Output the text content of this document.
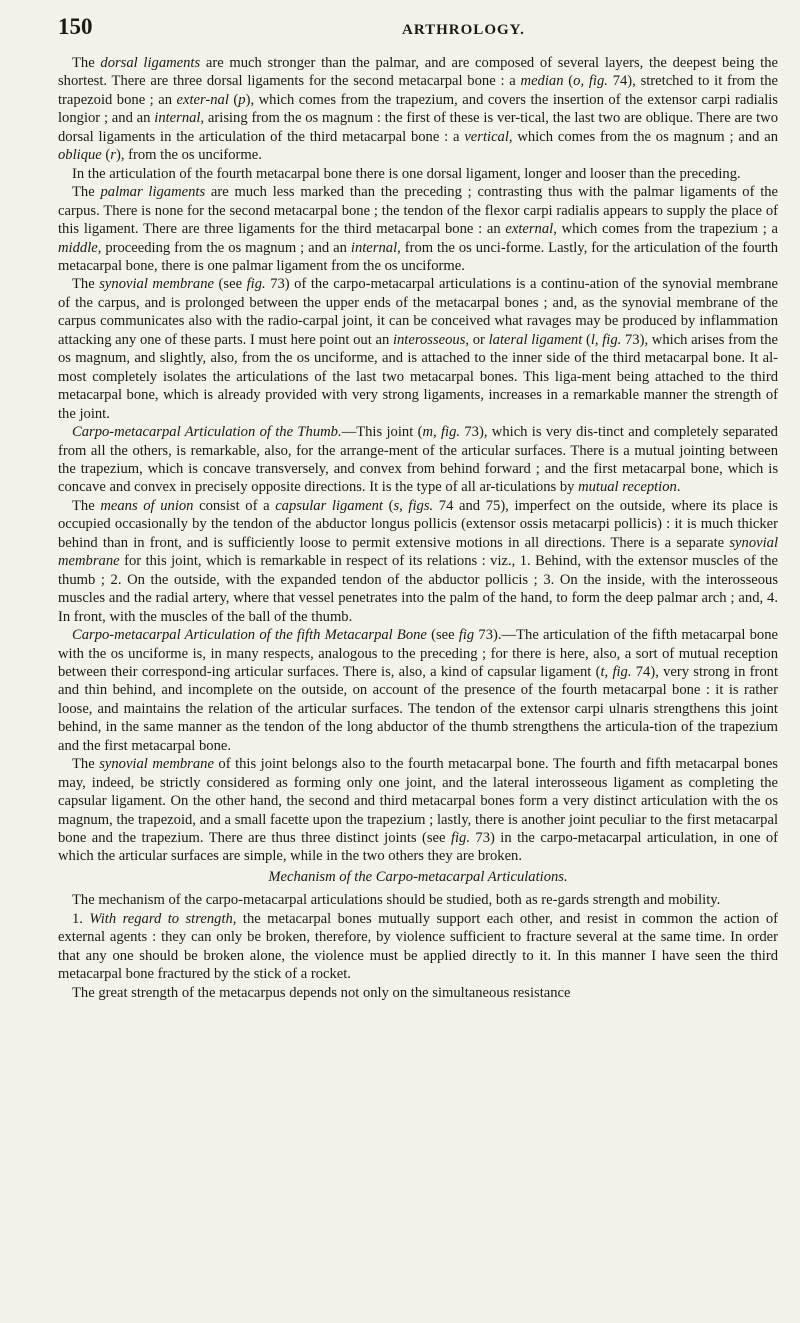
150	ARTHROLOGY.

The dorsal ligaments are much stronger than the palmar, and are composed of several layers, the deepest being the shortest. There are three dorsal ligaments for the second metacarpal bone : a median (o, fig. 74), stretched to it from the trapezoid bone ; an exter-nal (p), which comes from the trapezium, and covers the insertion of the extensor carpi radialis longior ; and an internal, arising from the os magnum : the first of these is ver-tical, the last two are oblique. There are two dorsal ligaments in the articulation of the third metacarpal bone : a vertical, which comes from the os magnum ; and an oblique (r), from the os unciforme.

In the articulation of the fourth metacarpal bone there is one dorsal ligament, longer and looser than the preceding.

The palmar ligaments are much less marked than the preceding ; contrasting thus with the palmar ligaments of the carpus. There is none for the second metacarpal bone ; the tendon of the flexor carpi radialis appears to supply the place of this ligament. There are three ligaments for the third metacarpal bone : an external, which comes from the trapezium ; a middle, proceeding from the os magnum ; and an internal, from the os unci-forme. Lastly, for the articulation of the fourth metacarpal bone, there is one palmar ligament from the os unciforme.

The synovial membrane (see fig. 73) of the carpo-metacarpal articulations is a continu-ation of the synovial membrane of the carpus, and is prolonged between the upper ends of the metacarpal bones ; and, as the synovial membrane of the carpus communicates also with the radio-carpal joint, it can be conceived what ravages may be produced by inflammation attacking any one of these parts. I must here point out an interosseous, or lateral ligament (l, fig. 73), which arises from the os magnum, and slightly, also, from the os unciforme, and is attached to the inner side of the third metacarpal bone. It al-most completely isolates the articulations of the last two metacarpal bones. This liga-ment being attached to the third metacarpal bone, which is already provided with very strong ligaments, increases in a remarkable manner the strength of the joint.

Carpo-metacarpal Articulation of the Thumb.—This joint (m, fig. 73), which is very dis-tinct and completely separated from all the others, is remarkable, also, for the arrange-ment of the articular surfaces. There is a mutual jointing between the trapezium, which is concave transversely, and convex from behind forward ; and the first metacarpal bone, which is concave and convex in precisely opposite directions. It is the type of all ar-ticulations by mutual reception.

The means of union consist of a capsular ligament (s, figs. 74 and 75), imperfect on the outside, where its place is occupied occasionally by the tendon of the abductor longus pollicis (extensor ossis metacarpi pollicis) : it is much thicker behind than in front, and is sufficiently loose to permit extensive motions in all directions. There is a separate synovial membrane for this joint, which is remarkable in respect of its relations : viz., 1. Behind, with the extensor muscles of the thumb ; 2. On the outside, with the expanded tendon of the abductor pollicis ; 3. On the inside, with the interosseous muscles and the radial artery, where that vessel penetrates into the palm of the hand, to form the deep palmar arch ; and, 4. In front, with the muscles of the ball of the thumb.

Carpo-metacarpal Articulation of the fifth Metacarpal Bone (see fig 73).—The articulation of the fifth metacarpal bone with the os unciforme is, in many respects, analogous to the preceding ; for there is here, also, a sort of mutual reception between their correspond-ing articular surfaces. There is, also, a kind of capsular ligament (t, fig. 74), very strong in front and thin behind, and incomplete on the outside, on account of the presence of the fourth metacarpal bone : it is rather loose, and maintains the relation of the articular surfaces. The tendon of the extensor carpi ulnaris strengthens this joint behind, in the same manner as the tendon of the long abductor of the thumb strengthens the articula-tion of the trapezium and the first metacarpal bone.

The synovial membrane of this joint belongs also to the fourth metacarpal bone. The fourth and fifth metacarpal bones may, indeed, be strictly considered as forming only one joint, and the lateral interosseous ligament as completing the capsular ligament. On the other hand, the second and third metacarpal bones form a very distinct articulation with the os magnum, the trapezoid, and a small facette upon the trapezium ; lastly, there is another joint peculiar to the first metacarpal bone and the trapezium. There are thus three distinct joints (see fig. 73) in the carpo-metacarpal articulation, in one of which the articular surfaces are simple, while in the two others they are broken.

Mechanism of the Carpo-metacarpal Articulations.

The mechanism of the carpo-metacarpal articulations should be studied, both as re-gards strength and mobility.

1. With regard to strength, the metacarpal bones mutually support each other, and resist in common the action of external agents : they can only be broken, therefore, by violence sufficient to fracture several at the same time. In order that any one should be broken alone, the violence must be applied directly to it. In this manner I have seen the third metacarpal bone fractured by the stick of a rocket.

The great strength of the metacarpus depends not only on the simultaneous resistance
